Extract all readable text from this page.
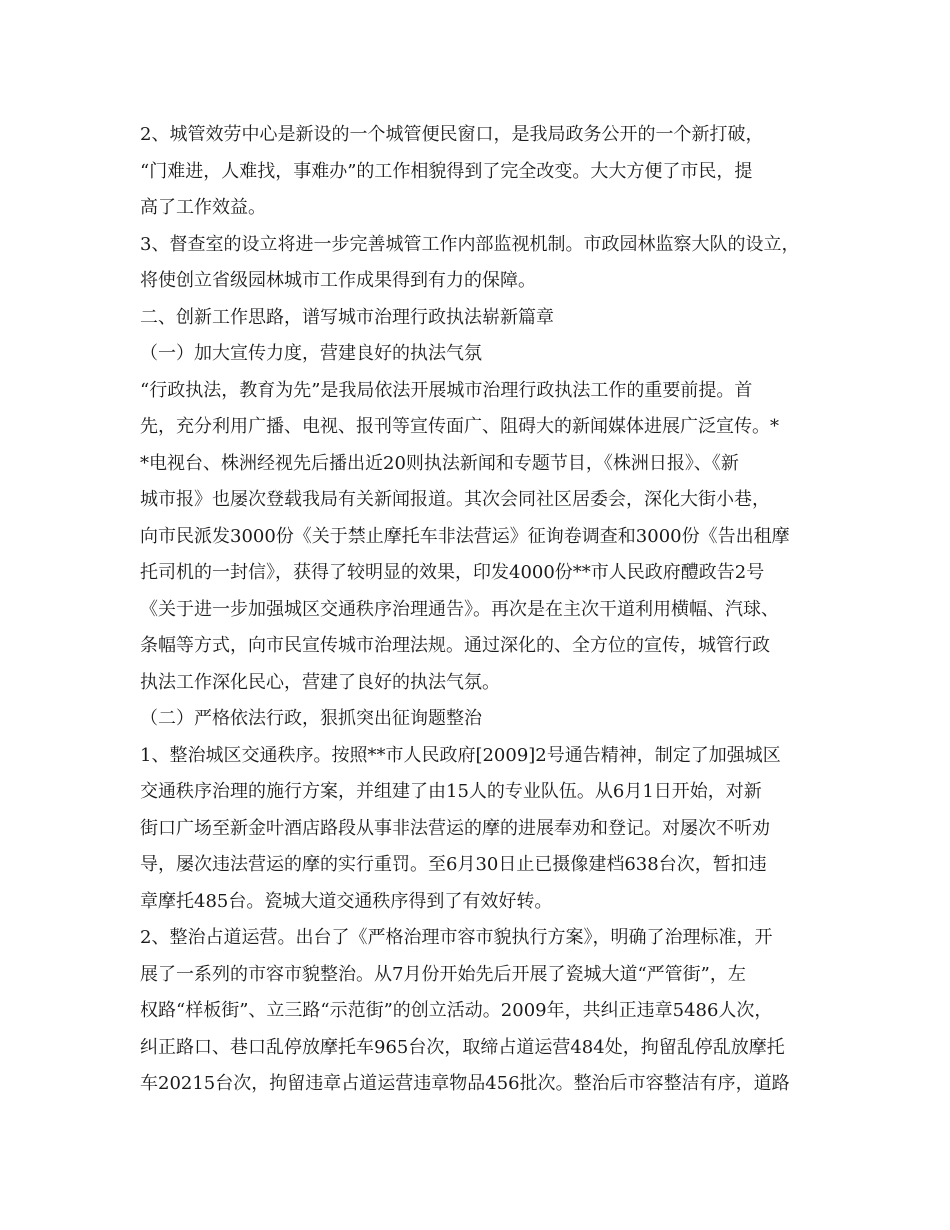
2、城管效劳中心是新设的一个城管便民窗口，是我局政务公开的一个新打破，
“门难进，人难找，事难办”的工作相貌得到了完全改变。大大方便了市民，提
高了工作效益。
3、督查室的设立将进一步完善城管工作内部监视机制。市政园林监察大队的设立，
将使创立省级园林城市工作成果得到有力的保障。
二、创新工作思路，谱写城市治理行政执法崭新篇章
（一）加大宣传力度，营建良好的执法气氛
“行政执法，教育为先”是我局依法开展城市治理行政执法工作的重要前提。首
先，充分利用广播、电视、报刊等宣传面广、阻碍大的新闻媒体进展广泛宣传。*
*电视台、株洲经视先后播出近20则执法新闻和专题节目，《株洲日报》、《新
城市报》也屡次登载我局有关新闻报道。其次会同社区居委会，深化大街小巷，
向市民派发3000份《关于禁止摩托车非法营运》征询卷调查和3000份《告出租摩
托司机的一封信》，获得了较明显的效果，印发4000份**市人民政府醴政告2号
《关于进一步加强城区交通秩序治理通告》。再次是在主次干道利用横幅、汽球、
条幅等方式，向市民宣传城市治理法规。通过深化的、全方位的宣传，城管行政
执法工作深化民心，营建了良好的执法气氛。
（二）严格依法行政，狠抓突出征询题整治
1、整治城区交通秩序。按照**市人民政府[2009]2号通告精神，制定了加强城区
交通秩序治理的施行方案，并组建了由15人的专业队伍。从6月1日开始，对新
街口广场至新金叶酒店路段从事非法营运的摩的进展奉劝和登记。对屡次不听劝
导，屡次违法营运的摩的实行重罚。至6月30日止已摄像建档638台次，暂扣违
章摩托485台。瓷城大道交通秩序得到了有效好转。
2、整治占道运营。出台了《严格治理市容市貌执行方案》，明确了治理标准，开
展了一系列的市容市貌整治。从7月份开始先后开展了瓷城大道“严管街”，左
权路“样板街”、立三路“示范街”的创立活动。2009年，共纠正违章5486人次，
纠正路口、巷口乱停放摩托车965台次，取缔占道运营484处，拘留乱停乱放摩托
车20215台次，拘留违章占道运营违章物品456批次。整治后市容整洁有序，道路
